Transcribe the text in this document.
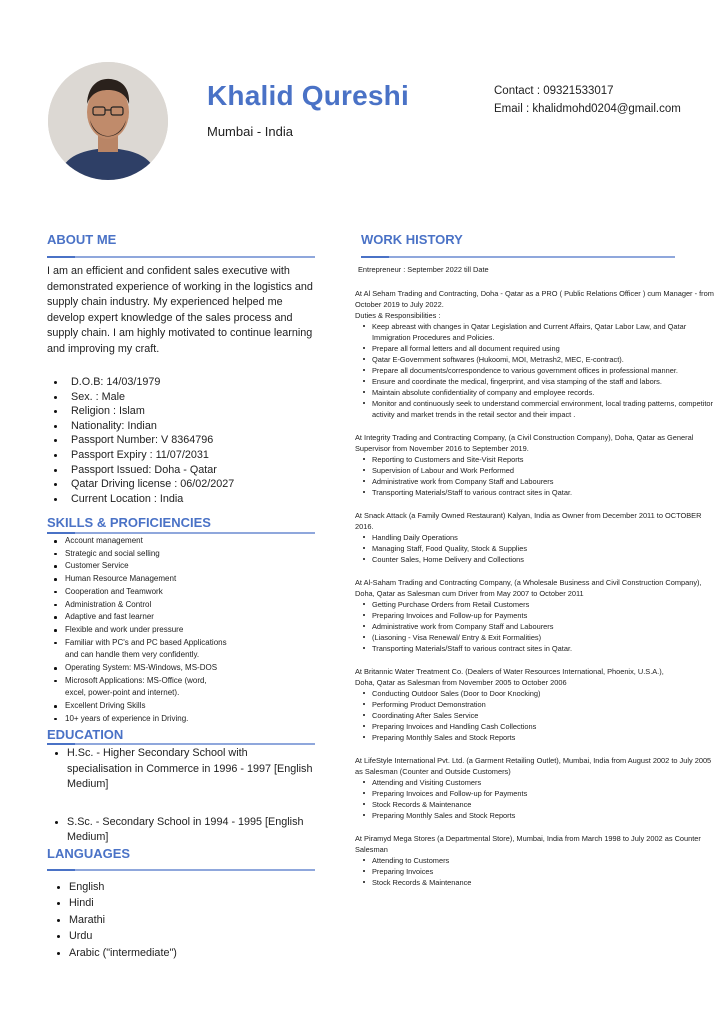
Khalid Qureshi
Mumbai - India
Contact : 09321533017
Email : khalidmohd0204@gmail.com
ABOUT ME

I am an efficient and confident sales executive with demonstrated experience of working in the logistics and supply chain industry. My experienced helped me develop expert knowledge of the sales process and supply chain. I am highly motivated to continue learning and improving my craft.

D.O.B: 14/03/1979
Sex. : Male
Religion : Islam
Nationality: Indian
Passport Number: V 8364796
Passport Expiry : 11/07/2031
Passport Issued: Doha - Qatar
Qatar Driving license : 06/02/2027
Current Location : India
SKILLS & PROFICIENCIES
Account management
Strategic and social selling
Customer Service
Human Resource Management
Cooperation and Teamwork
Administration & Control
Adaptive and fast learner
Flexible and work under pressure
Familiar with PC's and PC based Applications
and can handle them very confidently.
Operating System: MS-Windows, MS-DOS
Microsoft Applications: MS-Office (word,
excel, power-point and internet).
Excellent Driving Skills
10+ years of experience in Driving.
EDUCATION
H.Sc. - Higher Secondary School with specialisation in Commerce in 1996 - 1997 [English Medium]
S.Sc. - Secondary School in 1994 - 1995 [English Medium]
LANGUAGES
English
Hindi
Marathi
Urdu
Arabic ("intermediate")
WORK HISTORY

Entrepreneur : September 2022 till Date

At Al Seham Trading and Contracting, Doha - Qatar as a PRO ( Public Relations Officer ) cum Manager - from October 2019 to July 2022.

Duties & Responsibilities :

Keep abreast with changes in Qatar Legislation and Current Affairs, Qatar Labor Law, and Qatar Immigration Procedures and Policies.
Prepare all formal letters and all document required using
Qatar E-Government softwares (Hukoomi, MOI, Metrash2, MEC, E-contract).
Prepare all documents/correspondence to various government offices in professional manner.
Ensure and coordinate the medical, fingerprint, and visa stamping of the staff and labors.
Maintain absolute confidentiality of company and employee records.
Monitor and continuously seek to understand commercial environment, local trading patterns, competitor activity and market trends in the retail sector and their impact .

At Integrity Trading and Contracting Company, (a Civil Construction Company), Doha, Qatar as General Supervisor from November 2016 to September 2019.

Reporting to Customers and Site-Visit Reports
Supervision of Labour and Work Performed
Administrative work from Company Staff and Labourers
Transporting Materials/Staff to various contract sites in Qatar.

At Snack Attack (a Family Owned Restaurant) Kalyan, India as Owner from December 2011 to OCTOBER 2016.

Handling Daily Operations
Managing Staff, Food Quality, Stock & Supplies
Counter Sales, Home Delivery and Collections

At Al-Saham Trading and Contracting Company, (a Wholesale Business and Civil Construction Company), Doha, Qatar as Salesman cum Driver from May 2007 to October 2011

Getting Purchase Orders from Retail Customers
Preparing Invoices and Follow-up for Payments
Administrative work from Company Staff and Labourers
(Liasoning - Visa Renewal/ Entry & Exit Formalities)
Transporting Materials/Staff to various contract sites in Qatar.

At Britannic Water Treatment Co. (Dealers of Water Resources International, Phoenix, U.S.A.),

Doha, Qatar as Salesman from November 2005 to October 2006

Conducting Outdoor Sales (Door to Door Knocking)
Performing Product Demonstration
Coordinating After Sales Service
Preparing Invoices and Handling Cash Collections
Preparing Monthly Sales and Stock Reports

At LifeStyle International Pvt. Ltd. (a Garment Retailing Outlet), Mumbai, India from August 2002 to July 2005 as Salesman (Counter and Outside Customers)

Attending and Visiting Customers
Preparing Invoices and Follow-up for Payments
Stock Records & Maintenance
Preparing Monthly Sales and Stock Reports

At Piramyd Mega Stores (a Departmental Store), Mumbai, India from March 1998 to July 2002 as Counter Salesman

Attending to Customers
Preparing Invoices
Stock Records & Maintenance
